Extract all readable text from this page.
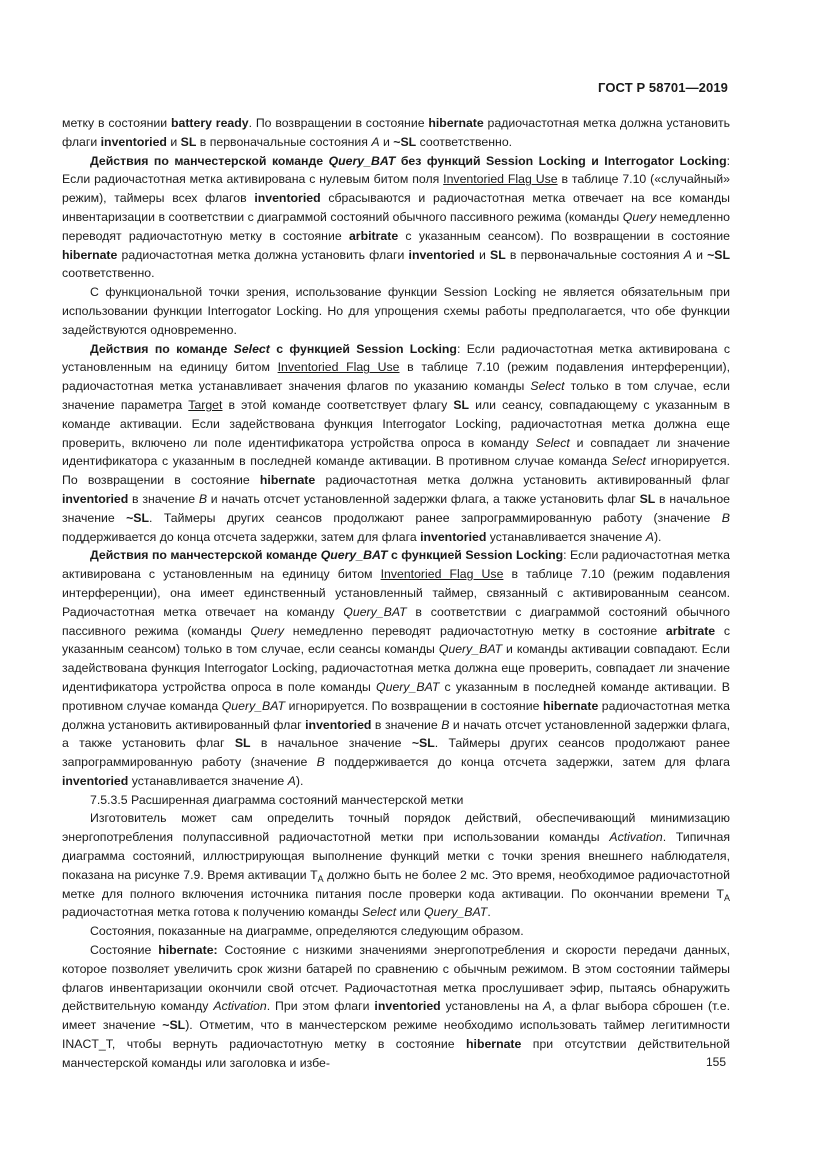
ГОСТ Р 58701—2019

метку в состоянии battery ready. По возвращении в состояние hibernate радиочастотная метка должна установить флаги inventoried и SL в первоначальные состояния A и ~SL соответственно.

Действия по манчестерской команде Query_BAT без функций Session Locking и Interrogator Locking: Если радиочастотная метка активирована с нулевым битом поля Inventoried Flag Use в таблице 7.10 («случайный» режим), таймеры всех флагов inventoried сбрасываются и радиочастотная метка отвечает на все команды инвентаризации в соответствии с диаграммой состояний обычного пассивного режима (команды Query немедленно переводят радиочастотную метку в состояние arbitrate с указанным сеансом). По возвращении в состояние hibernate радиочастотная метка должна установить флаги inventoried и SL в первоначальные состояния A и ~SL соответственно.

С функциональной точки зрения, использование функции Session Locking не является обязательным при использовании функции Interrogator Locking. Но для упрощения схемы работы предполагается, что обе функции задействуются одновременно.

Действия по команде Select с функцией Session Locking: Если радиочастотная метка активирована с установленным на единицу битом Inventoried Flag Use в таблице 7.10 (режим подавления интерференции), радиочастотная метка устанавливает значения флагов по указанию команды Select только в том случае, если значение параметра Target в этой команде соответствует флагу SL или сеансу, совпадающему с указанным в команде активации. Если задействована функция Interrogator Locking, радиочастотная метка должна еще проверить, включено ли поле идентификатора устройства опроса в команду Select и совпадает ли значение идентификатора с указанным в последней команде активации. В противном случае команда Select игнорируется. По возвращении в состояние hibernate радиочастотная метка должна установить активированный флаг inventoried в значение B и начать отсчет установленной задержки флага, а также установить флаг SL в начальное значение ~SL. Таймеры других сеансов продолжают ранее запрограммированную работу (значение B поддерживается до конца отсчета задержки, затем для флага inventoried устанавливается значение A).

Действия по манчестерской команде Query_BAT с функцией Session Locking: Если радиочастотная метка активирована с установленным на единицу битом Inventoried Flag Use в таблице 7.10 (режим подавления интерференции), она имеет единственный установленный таймер, связанный с активированным сеансом. Радиочастотная метка отвечает на команду Query_BAT в соответствии с диаграммой состояний обычного пассивного режима (команды Query немедленно переводят радиочастотную метку в состояние arbitrate с указанным сеансом) только в том случае, если сеансы команды Query_BAT и команды активации совпадают. Если задействована функция Interrogator Locking, радиочастотная метка должна еще проверить, совпадает ли значение идентификатора устройства опроса в поле команды Query_BAT с указанным в последней команде активации. В противном случае команда Query_BAT игнорируется. По возвращении в состояние hibernate радиочастотная метка должна установить активированный флаг inventoried в значение B и начать отсчет установленной задержки флага, а также установить флаг SL в начальное значение ~SL. Таймеры других сеансов продолжают ранее запрограммированную работу (значение B поддерживается до конца отсчета задержки, затем для флага inventoried устанавливается значение A).

7.5.3.5 Расширенная диаграмма состояний манчестерской метки

Изготовитель может сам определить точный порядок действий, обеспечивающий минимизацию энергопотребления полупассивной радиочастотной метки при использовании команды Activation. Типичная диаграмма состояний, иллюстрирующая выполнение функций метки с точки зрения внешнего наблюдателя, показана на рисунке 7.9. Время активации $T_A$ должно быть не более 2 мс. Это время, необходимое радиочастотной метке для полного включения источника питания после проверки кода активации. По окончании времени $T_A$ радиочастотная метка готова к получению команды Select или Query_BAT.

Состояния, показанные на диаграмме, определяются следующим образом.

Состояние hibernate: Состояние с низкими значениями энергопотребления и скорости передачи данных, которое позволяет увеличить срок жизни батарей по сравнению с обычным режимом. В этом состоянии таймеры флагов инвентаризации окончили свой отсчет. Радиочастотная метка прослушивает эфир, пытаясь обнаружить действительную команду Activation. При этом флаги inventoried установлены на A, а флаг выбора сброшен (т.е. имеет значение ~SL). Отметим, что в манчестерском режиме необходимо использовать таймер легитимности INACT_T, чтобы вернуть радиочастотную метку в состояние hibernate при отсутствии действительной манчестерской команды или заголовка и избе-	155
